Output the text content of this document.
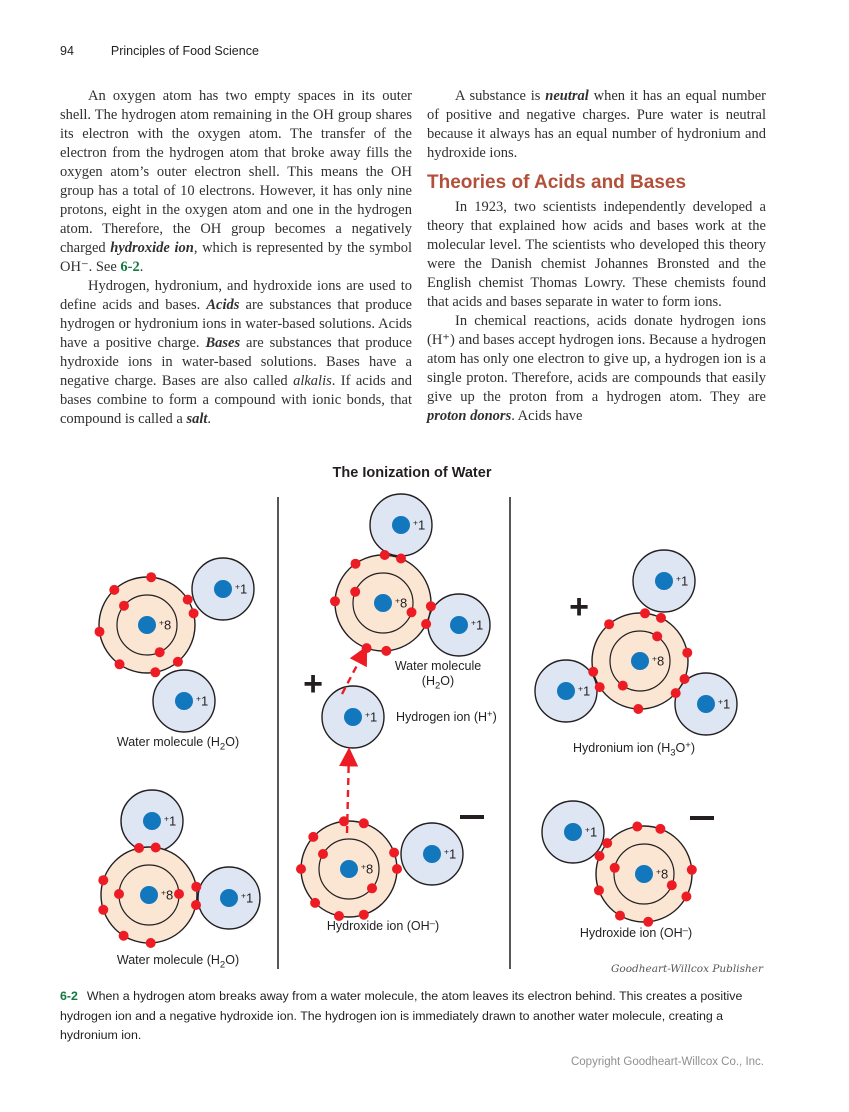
94	Principles of Food Science

An oxygen atom has two empty spaces in its outer shell. The hydrogen atom remaining in the OH group shares its electron with the oxygen atom. The transfer of the electron from the hydrogen atom that broke away fills the oxygen atom’s outer electron shell. This means the OH group has a total of 10 electrons. However, it has only nine protons, eight in the oxygen atom and one in the hydrogen atom. Therefore, the OH group becomes a negatively charged hydroxide ion, which is represented by the symbol OH⁻. See 6-2.

Hydrogen, hydronium, and hydroxide ions are used to define acids and bases. Acids are substances that produce hydrogen or hydronium ions in water-based solutions. Acids have a positive charge. Bases are substances that produce hydroxide ions in water-based solutions. Bases have a negative charge. Bases are also called alkalis. If acids and bases combine to form a compound with ionic bonds, that compound is called a salt.

A substance is neutral when it has an equal number of positive and negative charges. Pure water is neutral because it always has an equal number of hydronium and hydroxide ions.

Theories of Acids and Bases

In 1923, two scientists independently developed a theory that explained how acids and bases work at the molecular level. The scientists who developed this theory were the Danish chemist Johannes Bronsted and the English chemist Thomas Lowry. These chemists found that acids and bases separate in water to form ions.

In chemical reactions, acids donate hydrogen ions (H⁺) and bases accept hydrogen ions. Because a hydrogen atom has only one electron to give up, a hydrogen ion is a single proton. Therefore, acids are compounds that easily give up the proton from a hydrogen atom. They are proton donors. Acids have

The Ionization of Water
+1
+1
+8
+1
+1
+8
+1
+1
+8
+1
+1
+8
+1
+1
+1
+8
+8
+1
+
+
Water molecule $(H_2O)$
Water molecule $(H_2O)$
Water molecule
$(H_2O)$
Hydrogen ion (H+)
Hydroxide ion (OH–)
Hydronium ion $(H_3O^+)$
Hydroxide ion (OH–)
Goodheart-Willcox Publisher
6-2 When a hydrogen atom breaks away from a water molecule, the atom leaves its electron behind. This creates a positive hydrogen ion and a negative hydroxide ion. The hydrogen ion is immediately drawn to another water molecule, creating a hydronium ion.
Copyright Goodheart-Willcox Co., Inc.
